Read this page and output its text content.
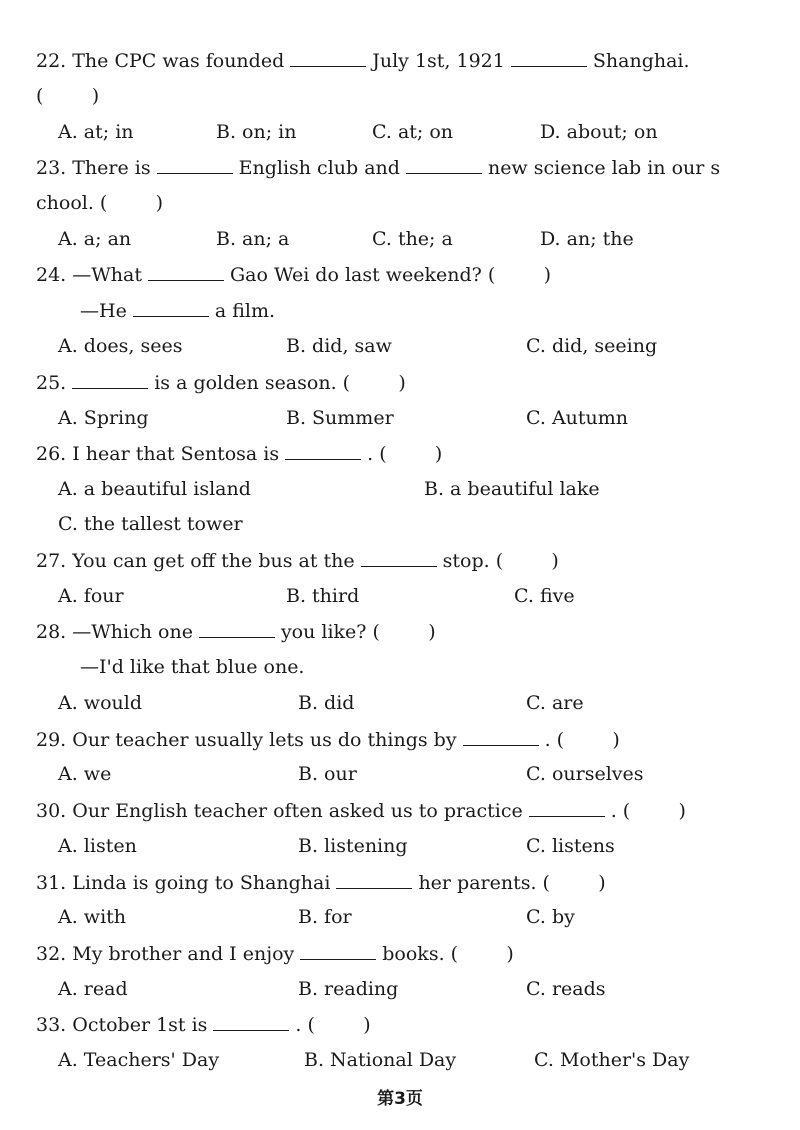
22. The CPC was founded	July 1st, 1921	Shanghai.
(        )
A. at; in	B. on; in	C. at; on	D. about; on
23. There is	English club and	new science lab in our s
chool. (        )
A. a; an	B. an; a	C. the; a	D. an; the
24. —What	Gao Wei do last weekend? (        )
—He	a film.
A. does, sees	B. did, saw	C. did, seeing
25.	is a golden season. (        )
A. Spring	B. Summer	C. Autumn
26. I hear that Sentosa is	. (        )
A. a beautiful island	B. a beautiful lake
C. the tallest tower
27. You can get off the bus at the	stop. (        )
A. four	B. third	C. five
28. —Which one	you like? (        )
—I'd like that blue one.
A. would	B. did	C. are
29. Our teacher usually lets us do things by	. (        )
A. we	B. our	C. ourselves
30. Our English teacher often asked us to practice	. (        )
A. listen	B. listening	C. listens
31. Linda is going to Shanghai	her parents. (        )
A. with	B. for	C. by
32. My brother and I enjoy	books. (        )
A. read	B. reading	C. reads
33. October 1st is	. (        )
A. Teachers' Day	B. National Day	C. Mother's Day
第3页
